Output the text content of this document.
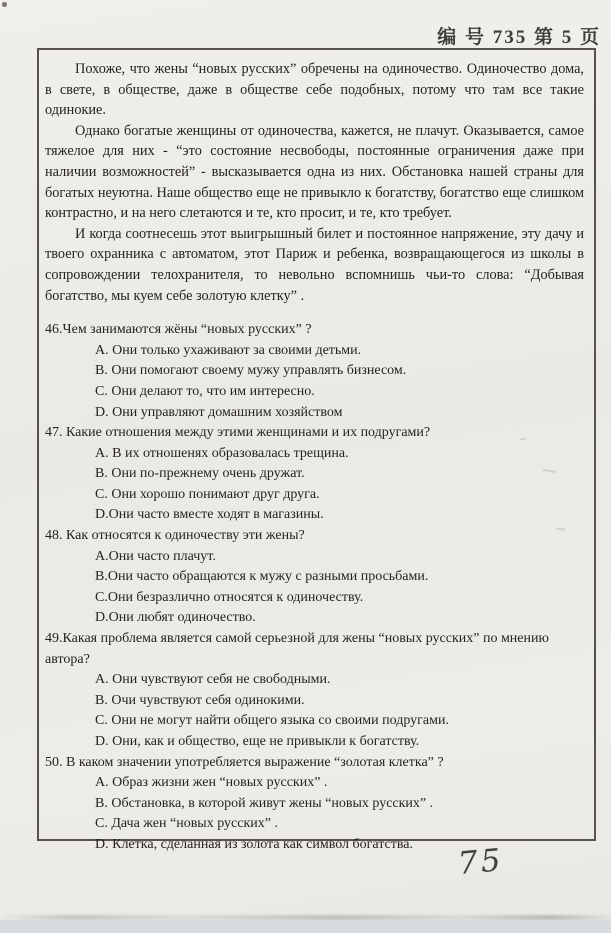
编 号 735 第 5 页

Похоже, что жены “новых русских” обречены на одиночество. Одиночество дома, в свете, в обществе, даже в обществе себе подобных, потому что там все такие одинокие.

Однако богатые женщины от одиночества, кажется, не плачут. Оказывается, самое тяжелое для них - “это состояние несвободы, постоянные ограничения даже при наличии возможностей” - высказывается одна из них. Обстановка нашей страны для богатых неуютна. Наше общество еще не привыкло к богатству, богатство еще слишком контрастно, и на него слетаются и те, кто просит, и те, кто требует.

И когда соотнесешь этот выигрышный билет и постоянное напряжение, эту дачу и твоего охранника с автоматом, этот Париж и ребенка, возвращающегося из школы в сопровождении телохранителя, то невольно вспомнишь чьи-то слова: “Добывая богатство, мы куем себе золотую клетку” .

46.Чем занимаются жёны “новых русских” ?
A. Они только ухаживают за своими детьми.
B. Они помогают своему мужу управлять бизнесом.
C. Они делают то, что им интересно.
D. Они управляют домашним хозяйством
47. Какие отношения между этими женщинами и их подругами?
A. В их отношенях образовалась трещина.
B. Они по-прежнему очень дружат.
C. Они хорошо понимают друг друга.
D.Они часто вместе ходят в магазины.
48. Как относятся к одиночеству эти жены?
A.Они часто плачут.
B.Они часто обращаются к мужу с разными просьбами.
C.Они безразлично относятся к одиночеству.
D.Они любят одиночество.
49.Какая проблема является самой серьезной для жены “новых русских” по мнению автора?
A. Они чувствуют себя не свободными.
B. Очи чувствуют себя одинокими.
C. Они не могут найти общего языка со своими подругами.
D. Они, как и общество, еще не привыкли к богатству.
50. В каком значении употребляется выражение “золотая клетка” ?
A. Образ жизни жен “новых русских” .
B. Обстановка, в которой живут жены “новых русских” .
C. Дача жен “новых русских” .
D. Клетка, сделанная из золота как символ богатства.	75
